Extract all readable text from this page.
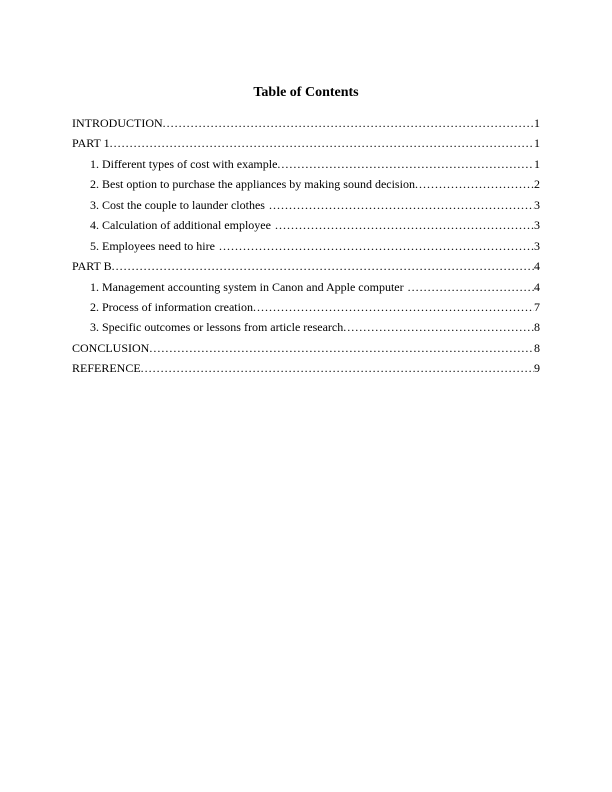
Table of Contents
INTRODUCTION .....	1
PART 1 .....	1
1. Different types of cost with example .....	1
2. Best option to purchase the appliances by making sound decision .....	2
3. Cost the couple to launder clothes .....	3
4. Calculation of additional employee .....	3
5. Employees need to hire .....	3
PART B .....	4
1. Management accounting system in Canon and Apple computer .....	4
2. Process of information creation .....	7
3. Specific outcomes or lessons from article research .....	8
CONCLUSION .....	8
REFERENCE .....	9
